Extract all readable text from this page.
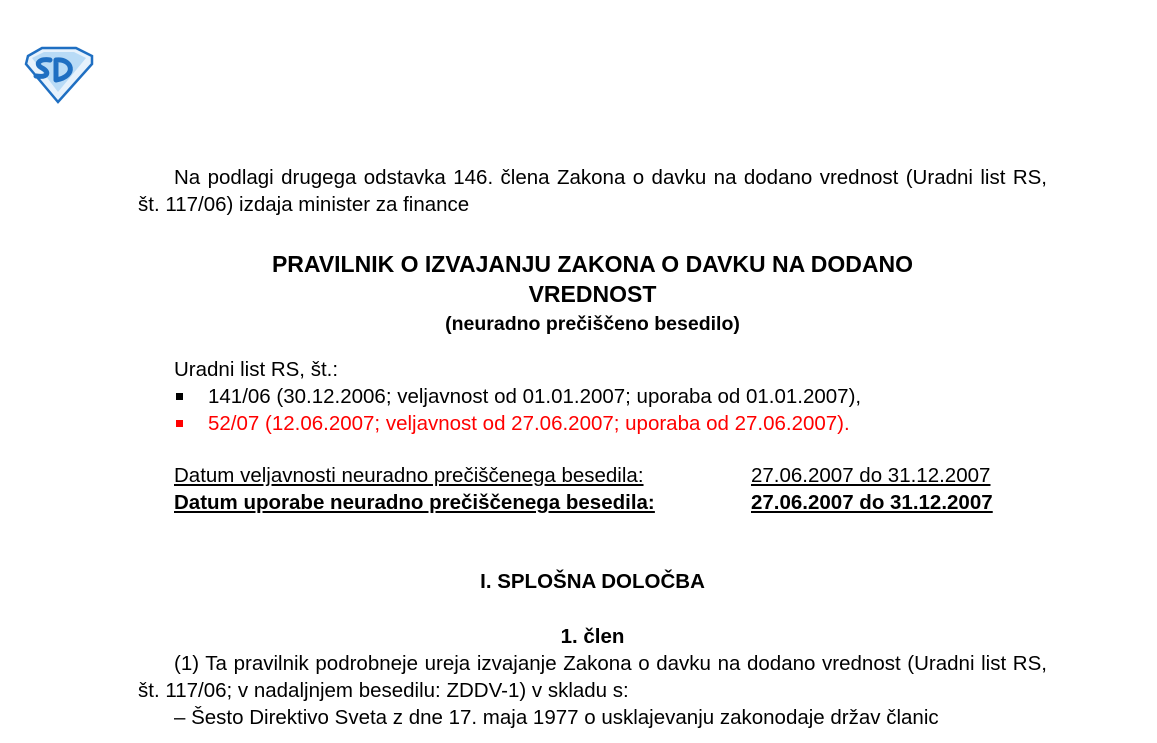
Na podlagi drugega odstavka 146. člena Zakona o davku na dodano vrednost (Uradni list RS, št. 117/06) izdaja minister za finance

PRAVILNIK O IZVAJANJU ZAKONA O DAVKU NA DODANO
VREDNOST
(neuradno prečiščeno besedilo)
Uradni list RS, št.:
141/06 (30.12.2006; veljavnost od 01.01.2007; uporaba od 01.01.2007),
52/07 (12.06.2007; veljavnost od 27.06.2007; uporaba od 27.06.2007).
Datum veljavnosti neuradno prečiščenega besedila:	27.06.2007 do 31.12.2007
Datum uporabe neuradno prečiščenega besedila:	27.06.2007 do 31.12.2007
I. SPLOŠNA DOLOČBA
1. člen

(1) Ta pravilnik podrobneje ureja izvajanje Zakona o davku na dodano vrednost (Uradni list RS, št. 117/06; v nadaljnjem besedilu: ZDDV-1) v skladu s:

– Šesto Direktivo Sveta z dne 17. maja 1977 o usklajevanju zakonodaje držav članic
